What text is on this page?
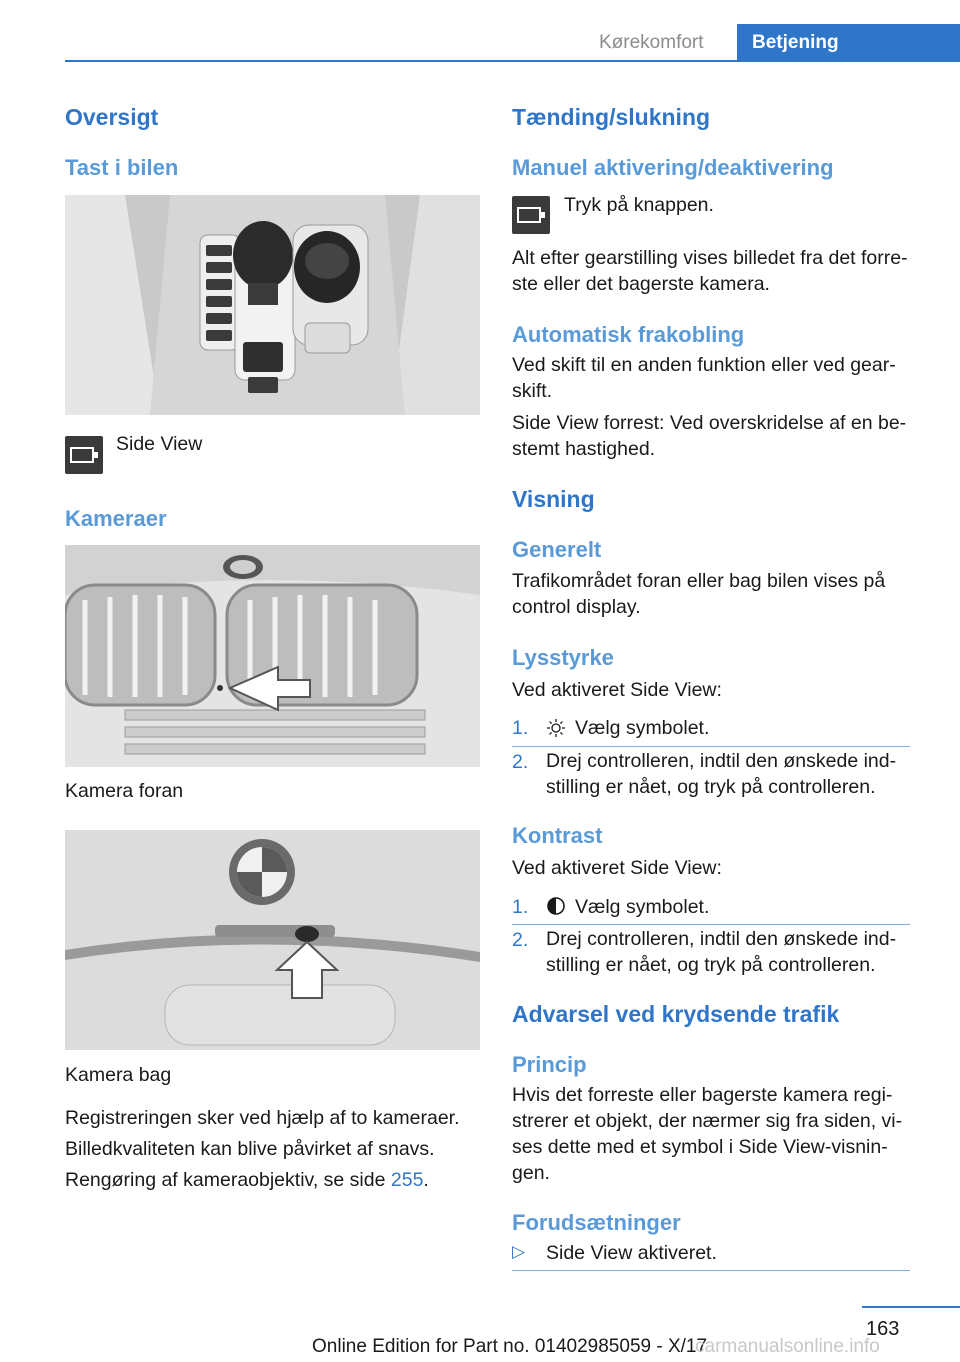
Kørekomfort	Betjening
Oversigt
Tast i bilen
Side View
Kameraer
Kamera foran
Kamera bag
Registreringen sker ved hjælp af to kameraer.
Billedkvaliteten kan blive påvirket af snavs.
Rengøring af kameraobjektiv, se side 255.
Tænding/slukning
Manuel aktivering/deaktivering
Tryk på knappen.
Alt efter gearstilling vises billedet fra det forre‐
ste eller det bagerste kamera.
Automatisk frakobling
Ved skift til en anden funktion eller ved gear‐
skift.
Side View forrest: Ved overskridelse af en be‐
stemt hastighed.
Visning
Generelt
Trafikområdet foran eller bag bilen vises på
control display.
Lysstyrke
Ved aktiveret Side View:
1. Vælg symbolet.
2. Drej controlleren, indtil den ønskede ind‐
stilling er nået, og tryk på controlleren.
Kontrast
Ved aktiveret Side View:
1. Vælg symbolet.
2. Drej controlleren, indtil den ønskede ind‐
stilling er nået, og tryk på controlleren.
Advarsel ved krydsende trafik
Princip
Hvis det forreste eller bagerste kamera regi‐
strerer et objekt, der nærmer sig fra siden, vi‐
ses dette med et symbol i Side View-visnin‐
gen.
Forudsætninger
▷ Side View aktiveret.
163
Online Edition for Part no. 01402985059 - X/17
carmanualsonline.info
